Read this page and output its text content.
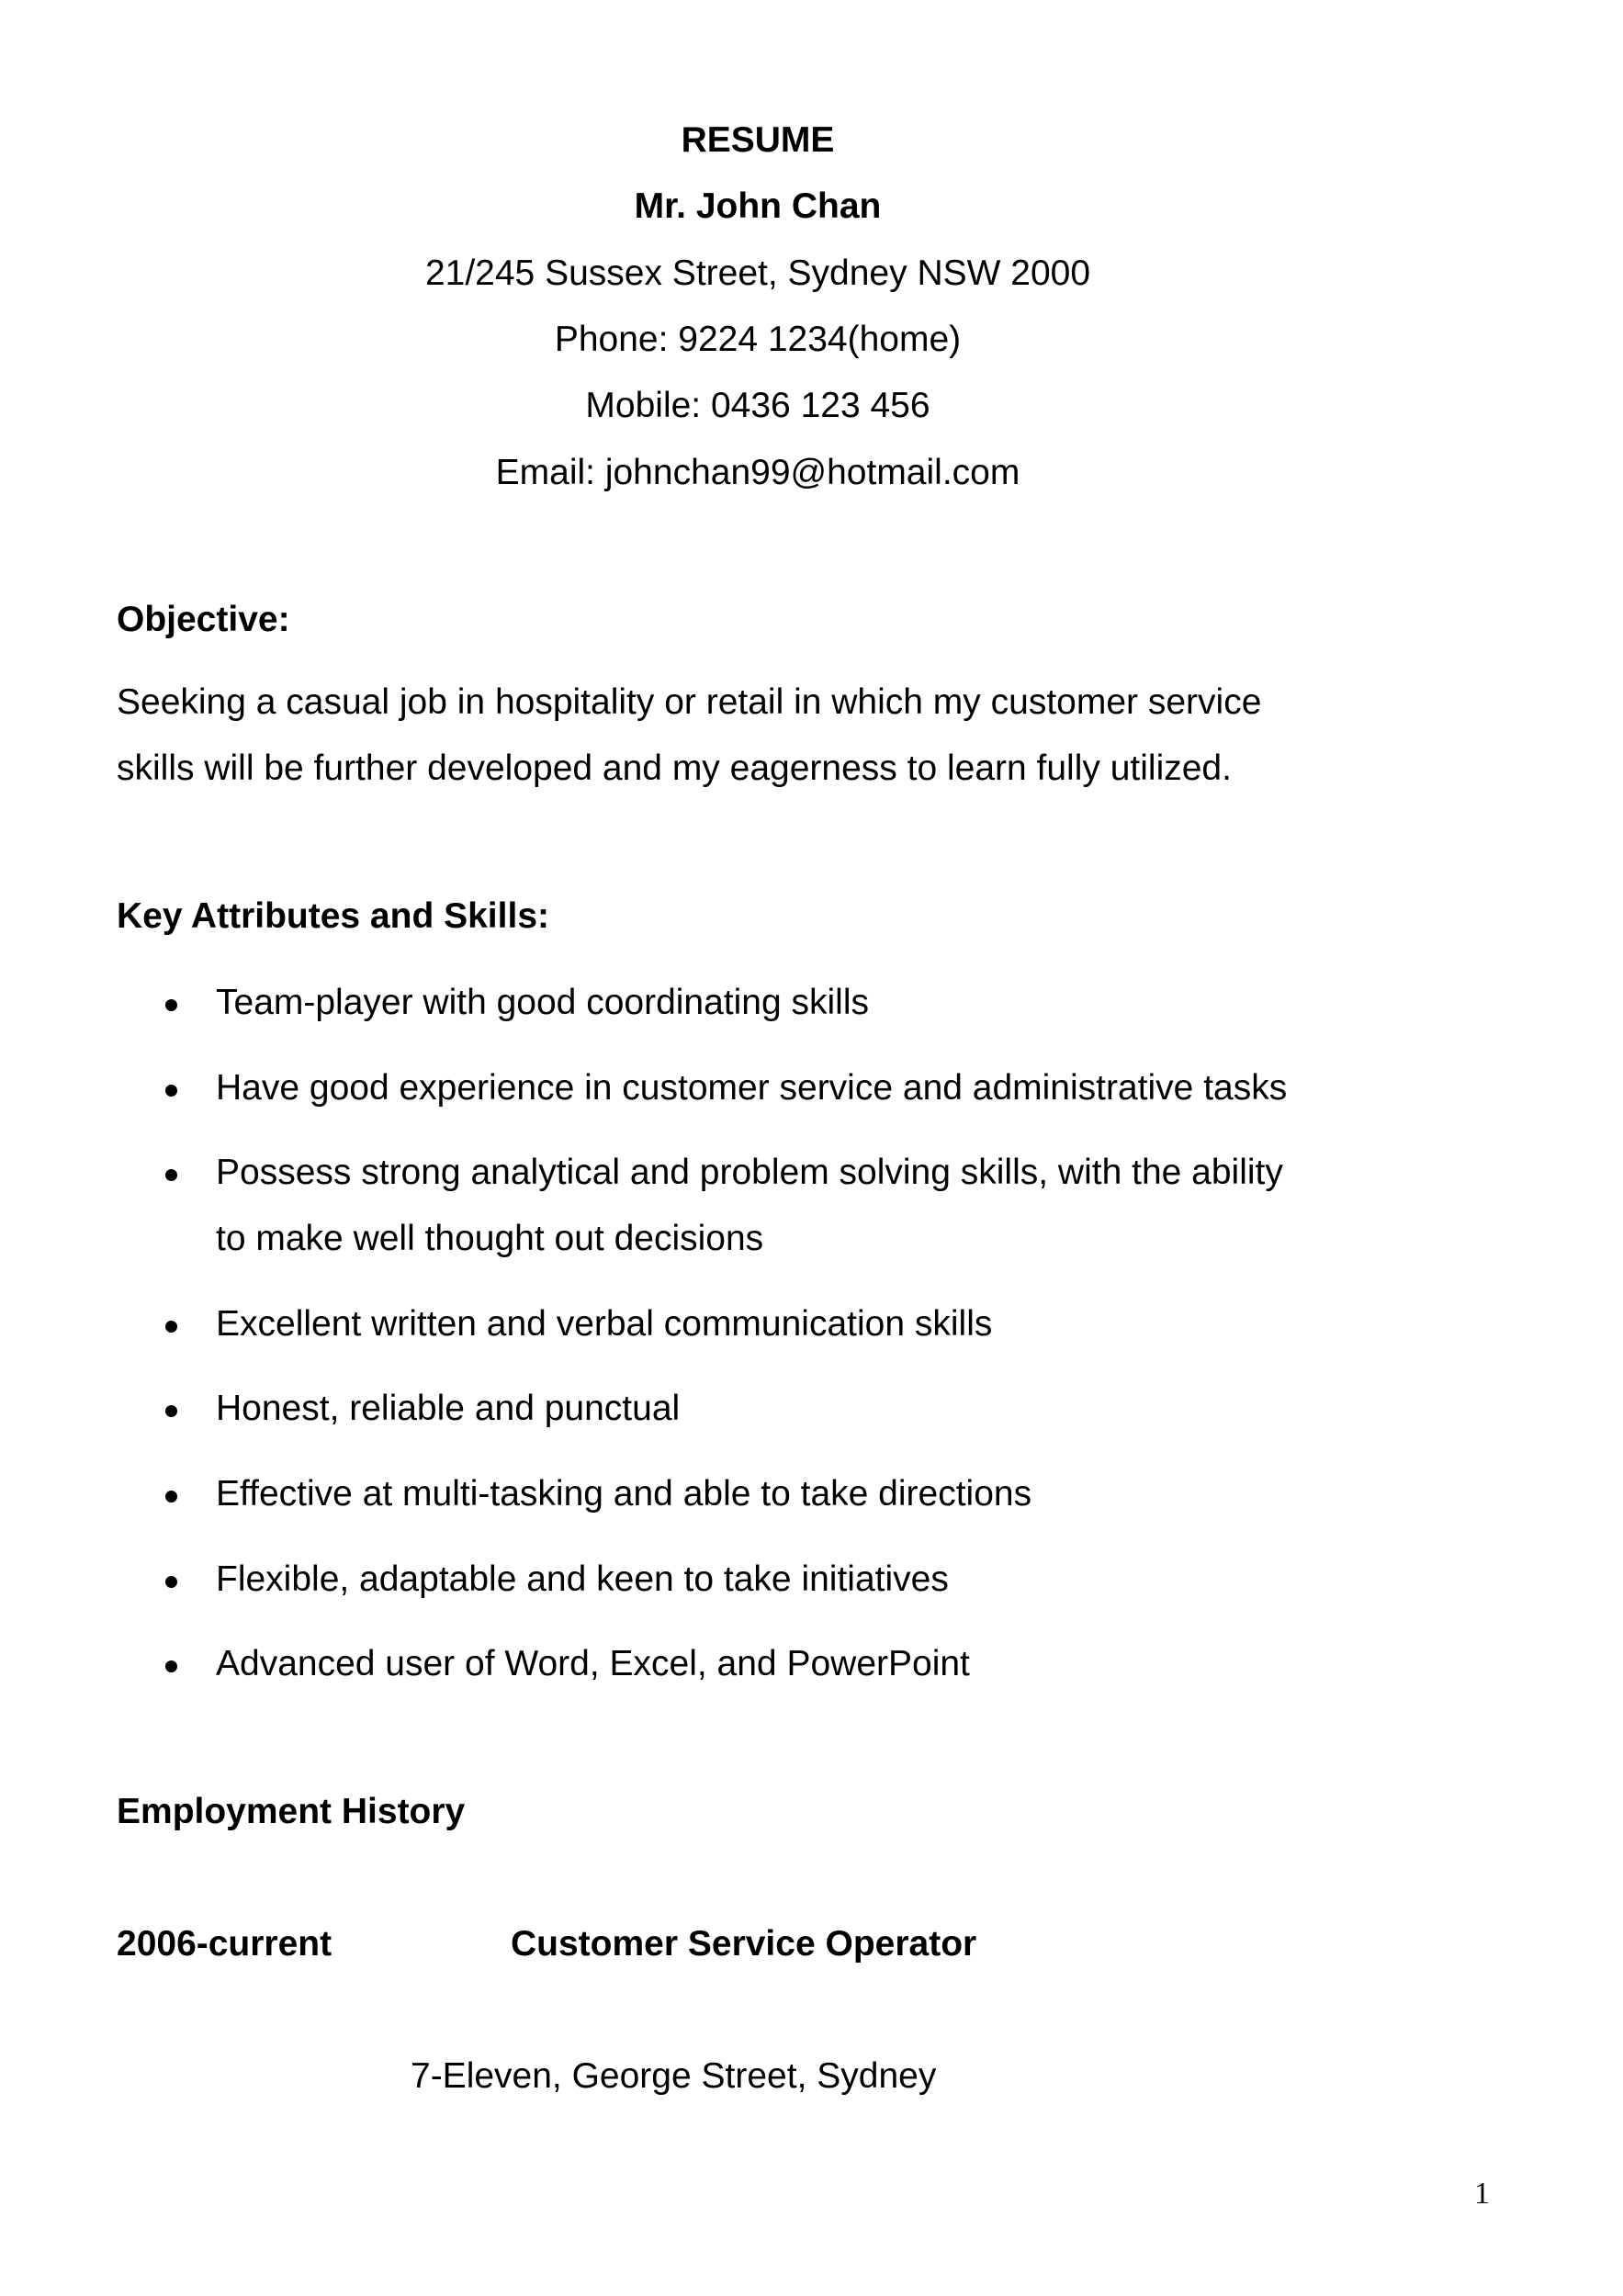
RESUME
Mr. John Chan
21/245 Sussex Street, Sydney NSW 2000
Phone: 9224 1234(home)
Mobile: 0436 123 456
Email: johnchan99@hotmail.com
Objective:
Seeking a casual job in hospitality or retail in which my customer service
skills will be further developed and my eagerness to learn fully utilized.
Key Attributes and Skills:
Team-player with good coordinating skills
Have good experience in customer service and administrative tasks
Possess strong analytical and problem solving skills, with the ability
to make well thought out decisions
Excellent written and verbal communication skills
Honest, reliable and punctual
Effective at multi-tasking and able to take directions
Flexible, adaptable and keen to take initiatives
Advanced user of Word, Excel, and PowerPoint
Employment History
2006-current	Customer Service Operator
7-Eleven, George Street, Sydney
1
